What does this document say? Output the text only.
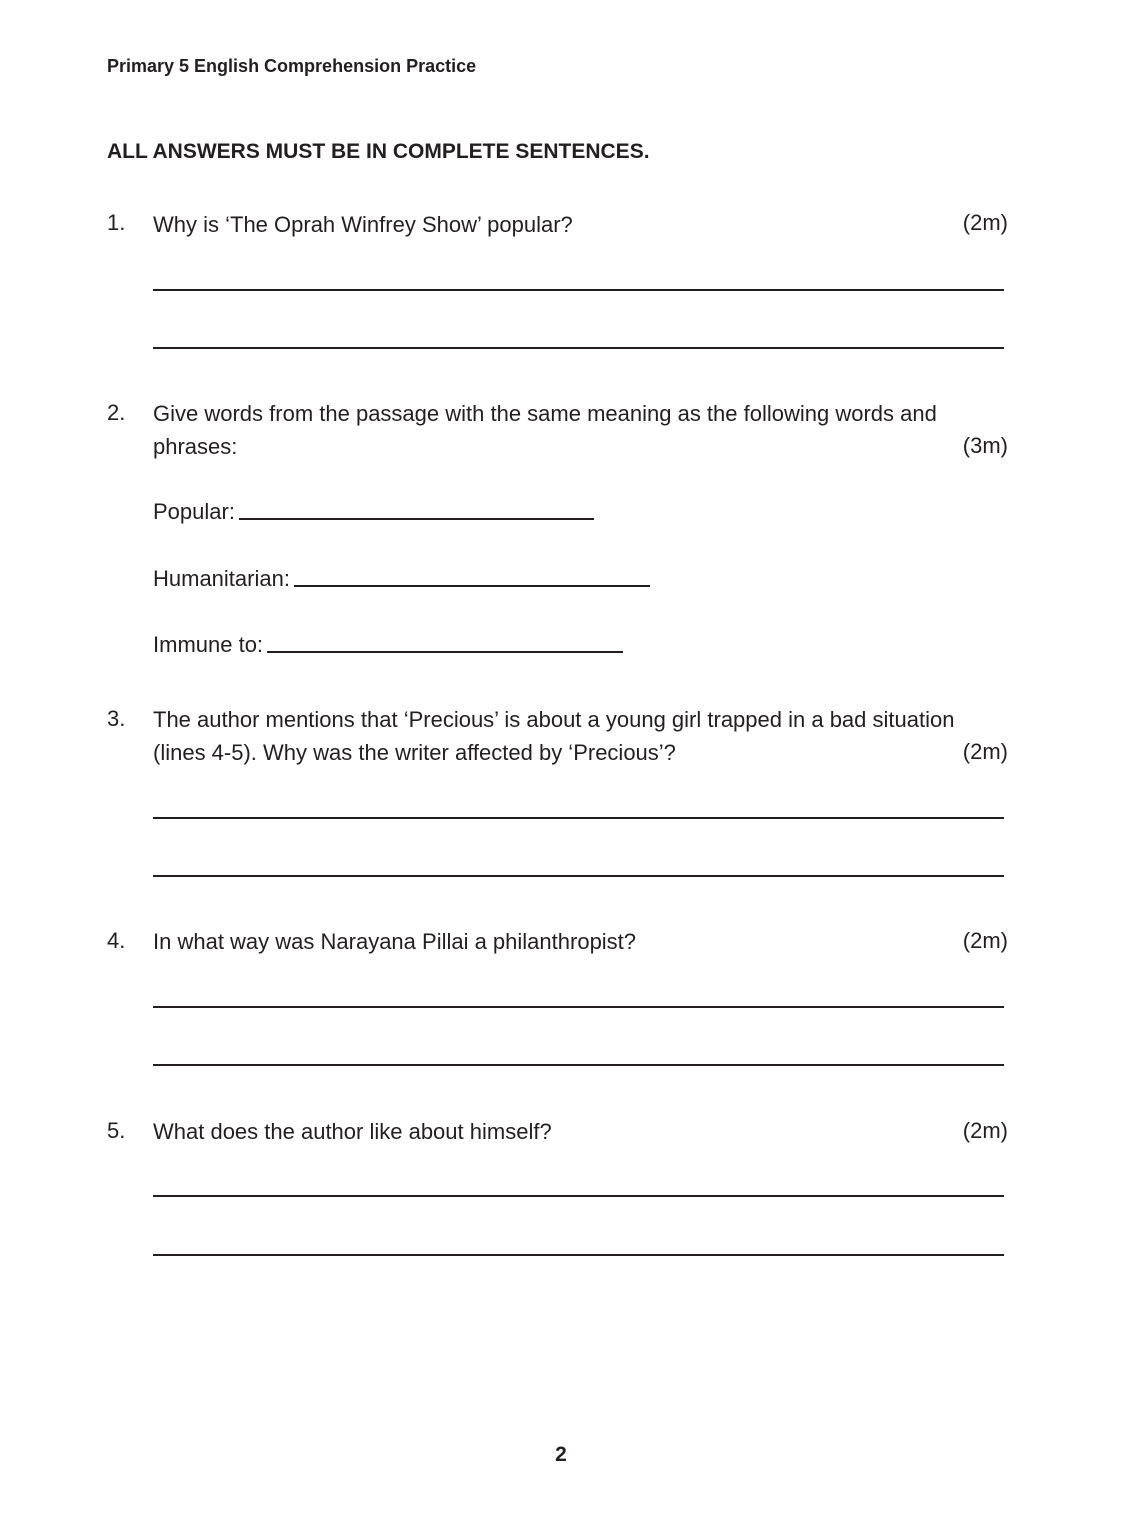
Primary 5 English Comprehension Practice
ALL ANSWERS MUST BE IN COMPLETE SENTENCES.
1. Why is ‘The Oprah Winfrey Show’ popular?	(2m)
2. Give words from the passage with the same meaning as the following words and
phrases:	(3m)
Popular:
Humanitarian:
Immune to:
3. The author mentions that ‘Precious’ is about a young girl trapped in a bad situation
(lines 4-5). Why was the writer affected by ‘Precious’?	(2m)
4. In what way was Narayana Pillai a philanthropist?	(2m)
5. What does the author like about himself?	(2m)
2
